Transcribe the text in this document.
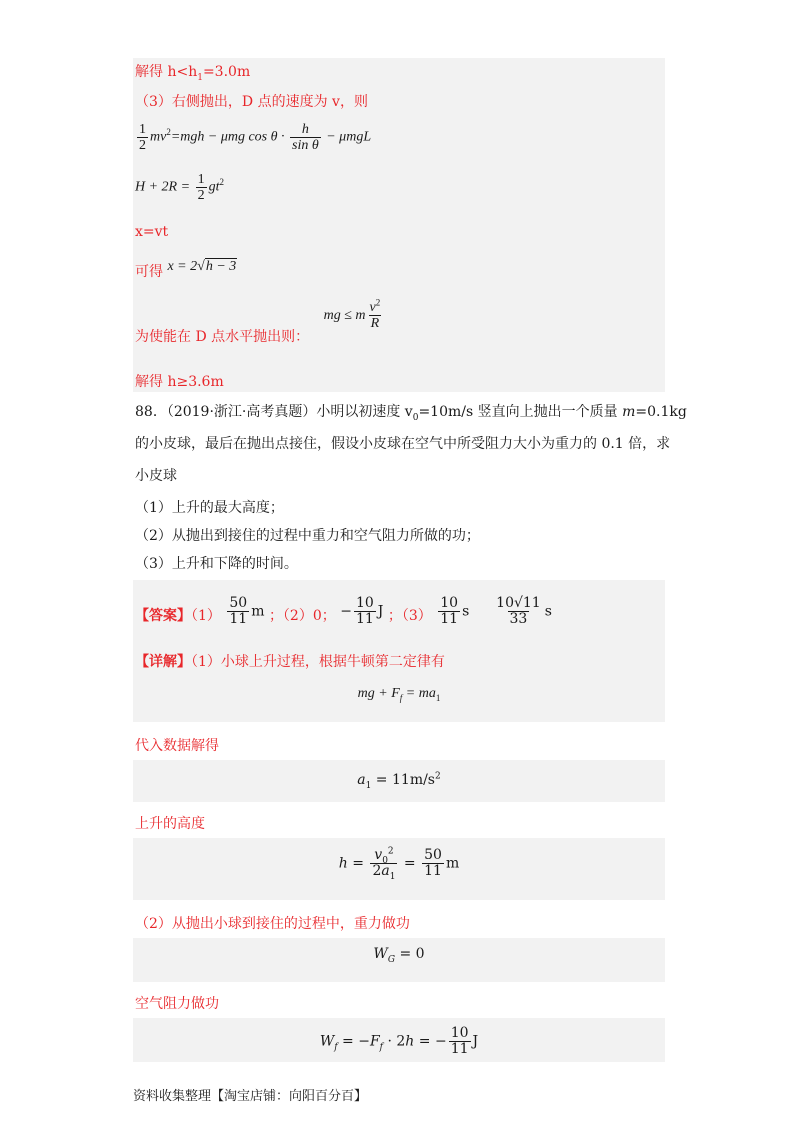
解得 $h<h_1=3.0m$
（3）右侧抛出，D 点的速度为 v，则
$\frac{1}{2} mv^2=mgh - \mu mg$ $\cos \theta \cdot \frac{h}{\text{sin θ}} - \mu mgL$
$H + 2R = \frac{1}{2} gt^2$
x=vt
可得 x = 2√h − 3
为使能在 D 点水平抛出则： mg ≤ m $\frac{v^2}{R}$
解得 h≥3.6m
88．（2019·浙江·高考真题）小明以初速度 $v_0=10m/s$ 竖直向上抛出一个质量 m=0.1kg
的小皮球，最后在抛出点接住，假设小皮球在空气中所受阻力大小为重力的 0.1 倍，求
小皮球
（1）上升的最大高度；
（2）从抛出到接住的过程中重力和空气阻力所做的功；
（3）上升和下降的时间。
【答案】$(1) \frac{50}{11}$ m ；（2）0； − $\frac{10}{11}$ J ；$(3) \frac{10}{11}$ s $\frac{10√11}{33}$ s
【详解】（1）小球上升过程，根据牛顿第二定律有
mg + $F_f = ma_1$
代入数据解得
$a_1 = 11m/s^2$
上升的高度
$h = \frac{v_0^2}{2a_1} = \frac{50}{11}$ m
（2）从抛出小球到接住的过程中，重力做功
$W_G = 0$
空气阻力做功
$W_f = -F_f \cdot 2h$ = − $\frac{10}{11}$ J
资料收集整理【淘宝店铺：向阳百分百】
